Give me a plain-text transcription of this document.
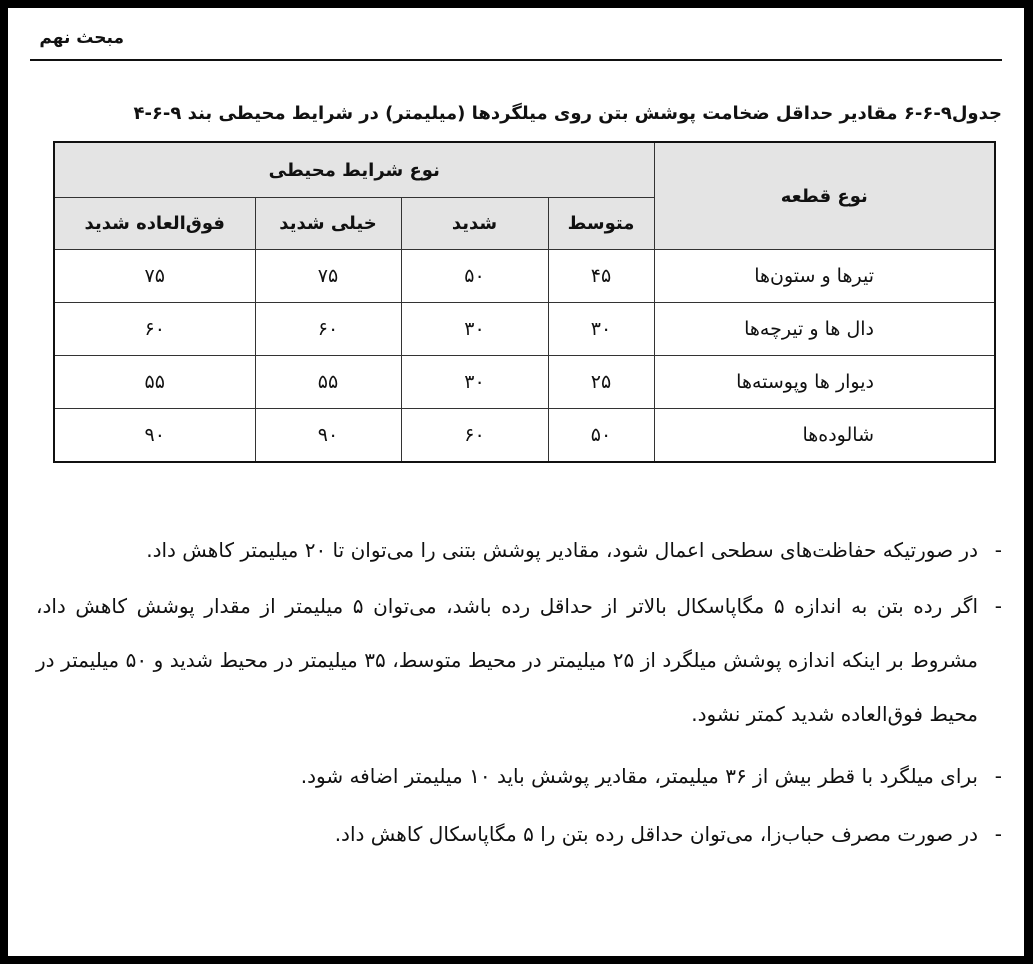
مبحث نهم
جدول۹-۶-۶ مقادیر حداقل ضخامت پوشش بتن روی میلگردها (میلیمتر) در شرایط محیطی بند ۹-۶-۴
نوع قطعه	نوع شرایط محیطی			
	متوسط	شدید	خیلی شدید	فوق‌العاده شدید
تیرها و ستون‌ها	۴۵	۵۰	۷۵	۷۵
دال ها و تیرچه‌ها	۳۰	۳۰	۶۰	۶۰
دیوار ها وپوسته‌ها	۲۵	۳۰	۵۵	۵۵
شالوده‌ها	۵۰	۶۰	۹۰	۹۰
-
در صورتیکه حفاظت‌های سطحی اعمال شود، مقادیر پوشش بتنی را می‌توان تا ۲۰ میلیمتر کاهش داد.
-
اگر رده بتن به اندازه ۵ مگاپاسکال بالاتر از حداقل رده باشد، می‌توان ۵ میلیمتر از مقدار پوشش کاهش داد، مشروط بر اینکه اندازه پوشش میلگرد از ۲۵ میلیمتر در محیط متوسط، ۳۵ میلیمتر در محیط شدید و ۵۰ میلیمتر در محیط فوق‌العاده شدید کمتر نشود.
-
برای میلگرد با قطر بیش از ۳۶ میلیمتر، مقادیر پوشش باید ۱۰ میلیمتر اضافه شود.
-
در صورت مصرف حباب‌زا، می‌توان حداقل رده بتن را ۵ مگاپاسکال کاهش داد.
